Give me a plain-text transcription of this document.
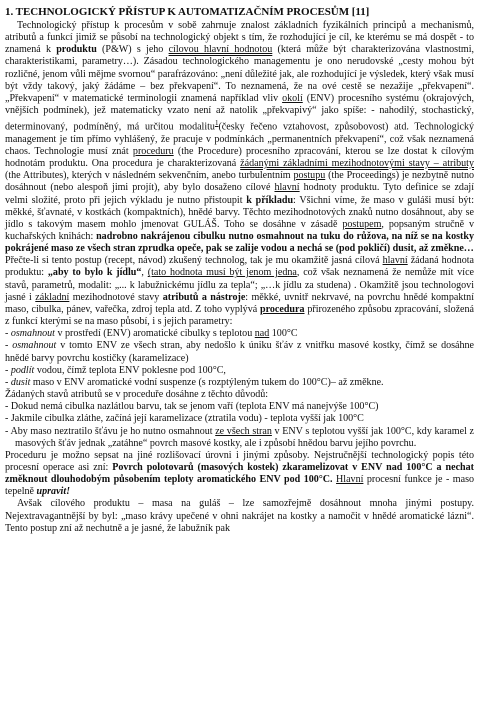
1. TECHNOLOGICKÝ PŘÍSTUP K AUTOMATIZAČNÍM PROCESŮM [11]

Technologický přístup k procesům v sobě zahrnuje znalost základních fyzikálních principů a mechanismů, atributů a funkcí jimiž se působí na technologický objekt s tím, že rozhodující je cíl, ke kterému se má dospět - to znamená k produktu (P&W) s jeho cílovou hlavní hodnotou (která může být charakterizována vlastnostmi, charakteristikami, parametry…). Zásadou technologického managementu je ono nerudovské „cesty mohou být rozličné, jenom vůli mějme svornou“ parafrázováno: „není důležité jak, ale rozhodující je výsledek, který však musí být vždy takový, jaký žádáme – bez překvapení“. To neznamená, že na ové cestě se nezažije „překvapení“. „Překvapení“ v matematické terminologii znamená například vliv okolí (ENV) procesního systému (okrajových, vnějších podmínek), jež matematicky vzato není až natolik „překvapivý“ jako spíše: - nahodilý, stochastický, determinovaný, podmíněný, má určitou modalitu$^1$(česky řečeno vztahovost, způsobovost) atd. Technologický management je tím přímo vyhlášený, že pracuje v podmínkách „permanentních překvapení“, což však neznamená chaos. Technologie musí znát proceduru (the Procedure) procesního zpracování, kterou se lze dostat k cílovým hodnotám produktu. Ona procedura je charakterizovaná žádanými základními mezihodnotovými stavy – atributy (the Attributes), kterých v následném sekvenčním, anebo turbulentním postupu (the Proceedings) je nezbytně nutno dosáhnout (nebo alespoň jimi projít), aby bylo dosaženo cílové hlavní hodnoty produktu. Tyto definice se zdají velmi složité, proto při jejich výkladu je nutno přistoupit k příkladu: Všichni víme, že maso v guláši musí být: měkké, šťavnaté, v kostkách (kompaktních), hnědé barvy. Těchto mezihodnotových znaků nutno dosáhnout, aby se jídlo s takovým masem mohlo jmenovat GULÁŠ. Toho se dosáhne v zásadě postupem, popsaným stručně v kuchařských knihách: nadrobno nakrájenou cibulku nutno osmahnout na tuku do růžova, na níž se na kostky pokrájené maso ze všech stran zprudka opeče, pak se zalije vodou a nechá se (pod pokličí) dusit, až změkne…

Přečte-li si tento postup (recept, návod) zkušený technolog, tak je mu okamžitě jasná cílová hlavní žádaná hodnota produktu: „aby to bylo k jídlu“, (tato hodnota musí být jenom jedna, což však neznamená že nemůže mít více stavů, parametrů, modalit: „... k labužnickému jídlu za tepla“; „…k jídlu za studena) . Okamžitě jsou technologovi jasné i základní mezihodnotové stavy atributů a nástroje: měkké, uvnitř nekrvavé, na povrchu hnědé kompaktní maso, cibulka, pánev, vařečka, zdroj tepla atd. Z toho vyplývá procedura přirozeného způsobu zpracování, složená z funkcí kterými se na maso působí, i s jejich parametry:

- osmahnout v prostředí (ENV) aromatické cibulky s teplotou nad 100°C
- osmahnout v tomto ENV ze všech stran, aby nedošlo k úniku šťáv z vnitřku masové kostky, čímž se dosáhne hnědé barvy povrchu kostičky (karamelizace)
- podlít vodou, čímž teplota ENV poklesne pod 100°C,
- dusit maso v ENV aromatické vodní suspenze (s rozptýleným tukem do 100°C)– až změkne.

Žádaných stavů atributů se v proceduře dosáhne z těchto důvodů:

- Dokud nemá cibulka nazlátlou barvu, tak se jenom vaří (teplota ENV má nanejvýše 100°C)
- Jakmile cibulka zláthe, začíná její karamelizace (ztratila vodu) - teplota vyšší jak 100°C
- Aby maso neztratilo šťávu je ho nutno osmahnout ze všech stran v ENV s teplotou vyšší jak 100°C, kdy karamel z masových šťáv jednak „zatáhne“ povrch masové kostky, ale i způsobí hnědou barvu jejího povrchu.

Proceduru je možno sepsat na jiné rozlišovací úrovni i jinými způsoby. Nejstručnější technologický popis této procesní operace asi zní: Povrch polotovarů (masových kostek) zkaramelizovat v ENV nad 100°C a nechat změknout dlouhodobým působením teploty aromatického ENV pod 100°C. Hlavní procesní funkce je - maso tepelně upravit!

Avšak cílového produktu – masa na guláš – lze samozřejmě dosáhnout mnoha jinými postupy. Nejextravagantnější by byl: „maso krávy upečené v ohni nakrájet na kostky a namočit v hnědé aromatické lázni“. Tento postup zní až nechutně a je jasné, že labužník pak
